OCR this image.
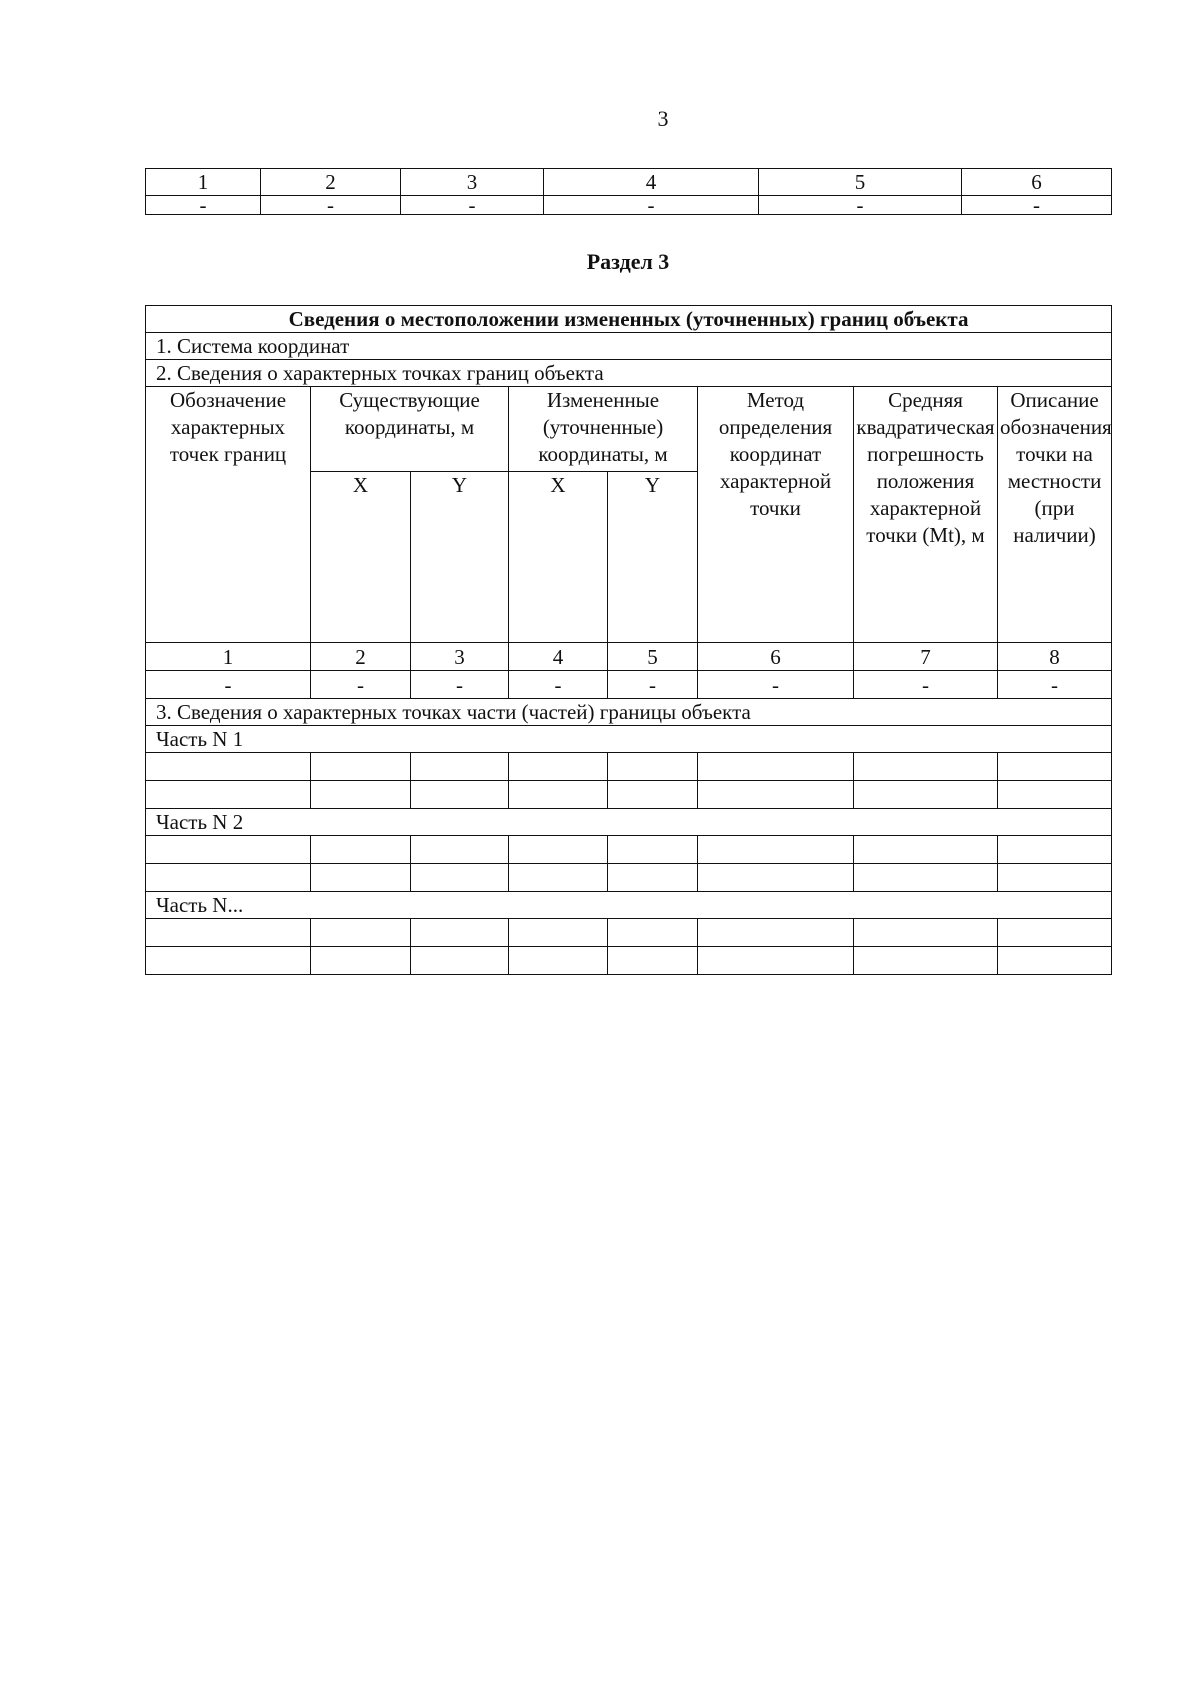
3
1	2	3	4	5	6
-	-	-	-	-	-
Раздел 3
Сведения о местоположении измененных (уточненных) границ объекта							
1. Система координат							
2. Сведения о характерных точках границ объекта							
Обозначение характерных точек границ	Существующие координаты, м		Измененные (уточненные) координаты, м		Метод определения координат характерной точки	Средняя квадратическая погрешность положения характерной точки (Mt), м	Описание обозначения точки на местности (при наличии)
	X	Y	X	Y			
1	2	3	4	5	6	7	8
-	-	-	-	-	-	-	-
3. Сведения о характерных точках части (частей) границы объекта							
Часть N 1							

Часть N 2							

Часть N...							
